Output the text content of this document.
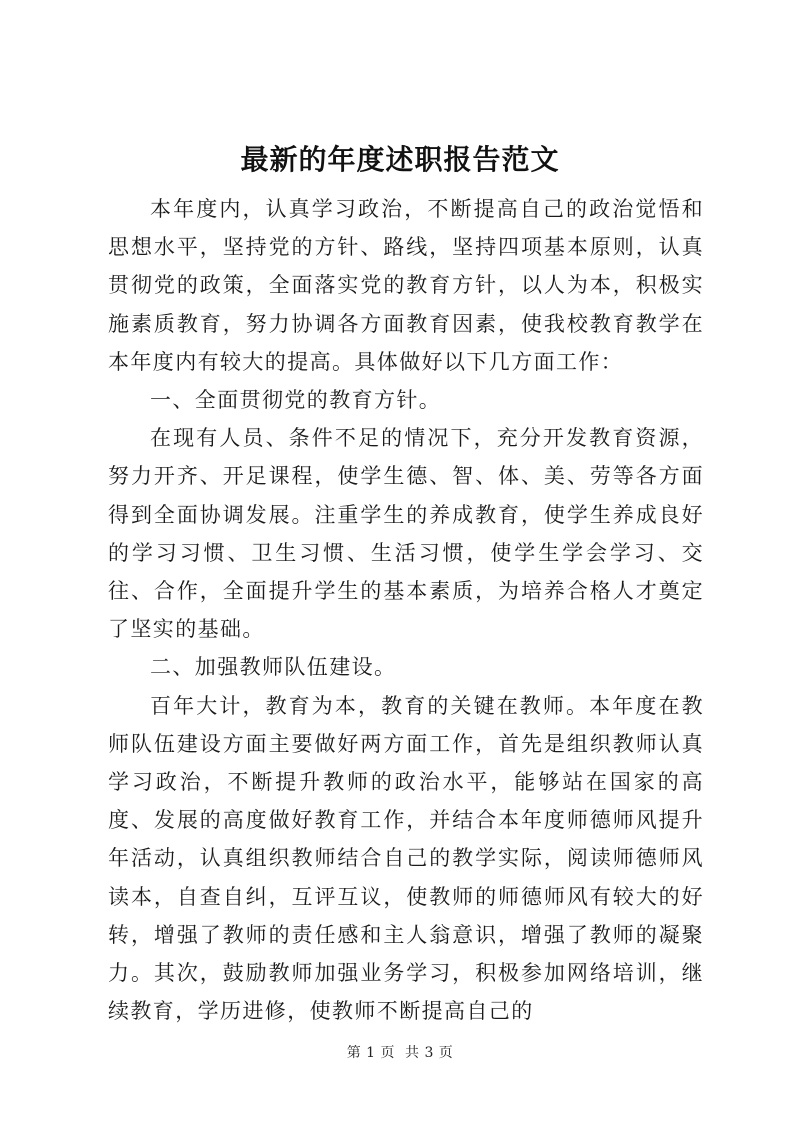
最新的年度述职报告范文

本年度内，认真学习政治，不断提高自己的政治觉悟和思想水平，坚持党的方针、路线，坚持四项基本原则，认真贯彻党的政策，全面落实党的教育方针，以人为本，积极实施素质教育，努力协调各方面教育因素，使我校教育教学在本年度内有较大的提高。具体做好以下几方面工作：

一、全面贯彻党的教育方针。

在现有人员、条件不足的情况下，充分开发教育资源，努力开齐、开足课程，使学生德、智、体、美、劳等各方面得到全面协调发展。注重学生的养成教育，使学生养成良好的学习习惯、卫生习惯、生活习惯，使学生学会学习、交往、合作，全面提升学生的基本素质，为培养合格人才奠定了坚实的基础。

二、加强教师队伍建设。

百年大计，教育为本，教育的关键在教师。本年度在教师队伍建设方面主要做好两方面工作，首先是组织教师认真学习政治，不断提升教师的政治水平，能够站在国家的高度、发展的高度做好教育工作，并结合本年度师德师风提升年活动，认真组织教师结合自己的教学实际，阅读师德师风读本，自查自纠，互评互议，使教师的师德师风有较大的好转，增强了教师的责任感和主人翁意识，增强了教师的凝聚力。其次，鼓励教师加强业务学习，积极参加网络培训，继续教育，学历进修，使教师不断提高自己的

第 1 页 共 3 页
